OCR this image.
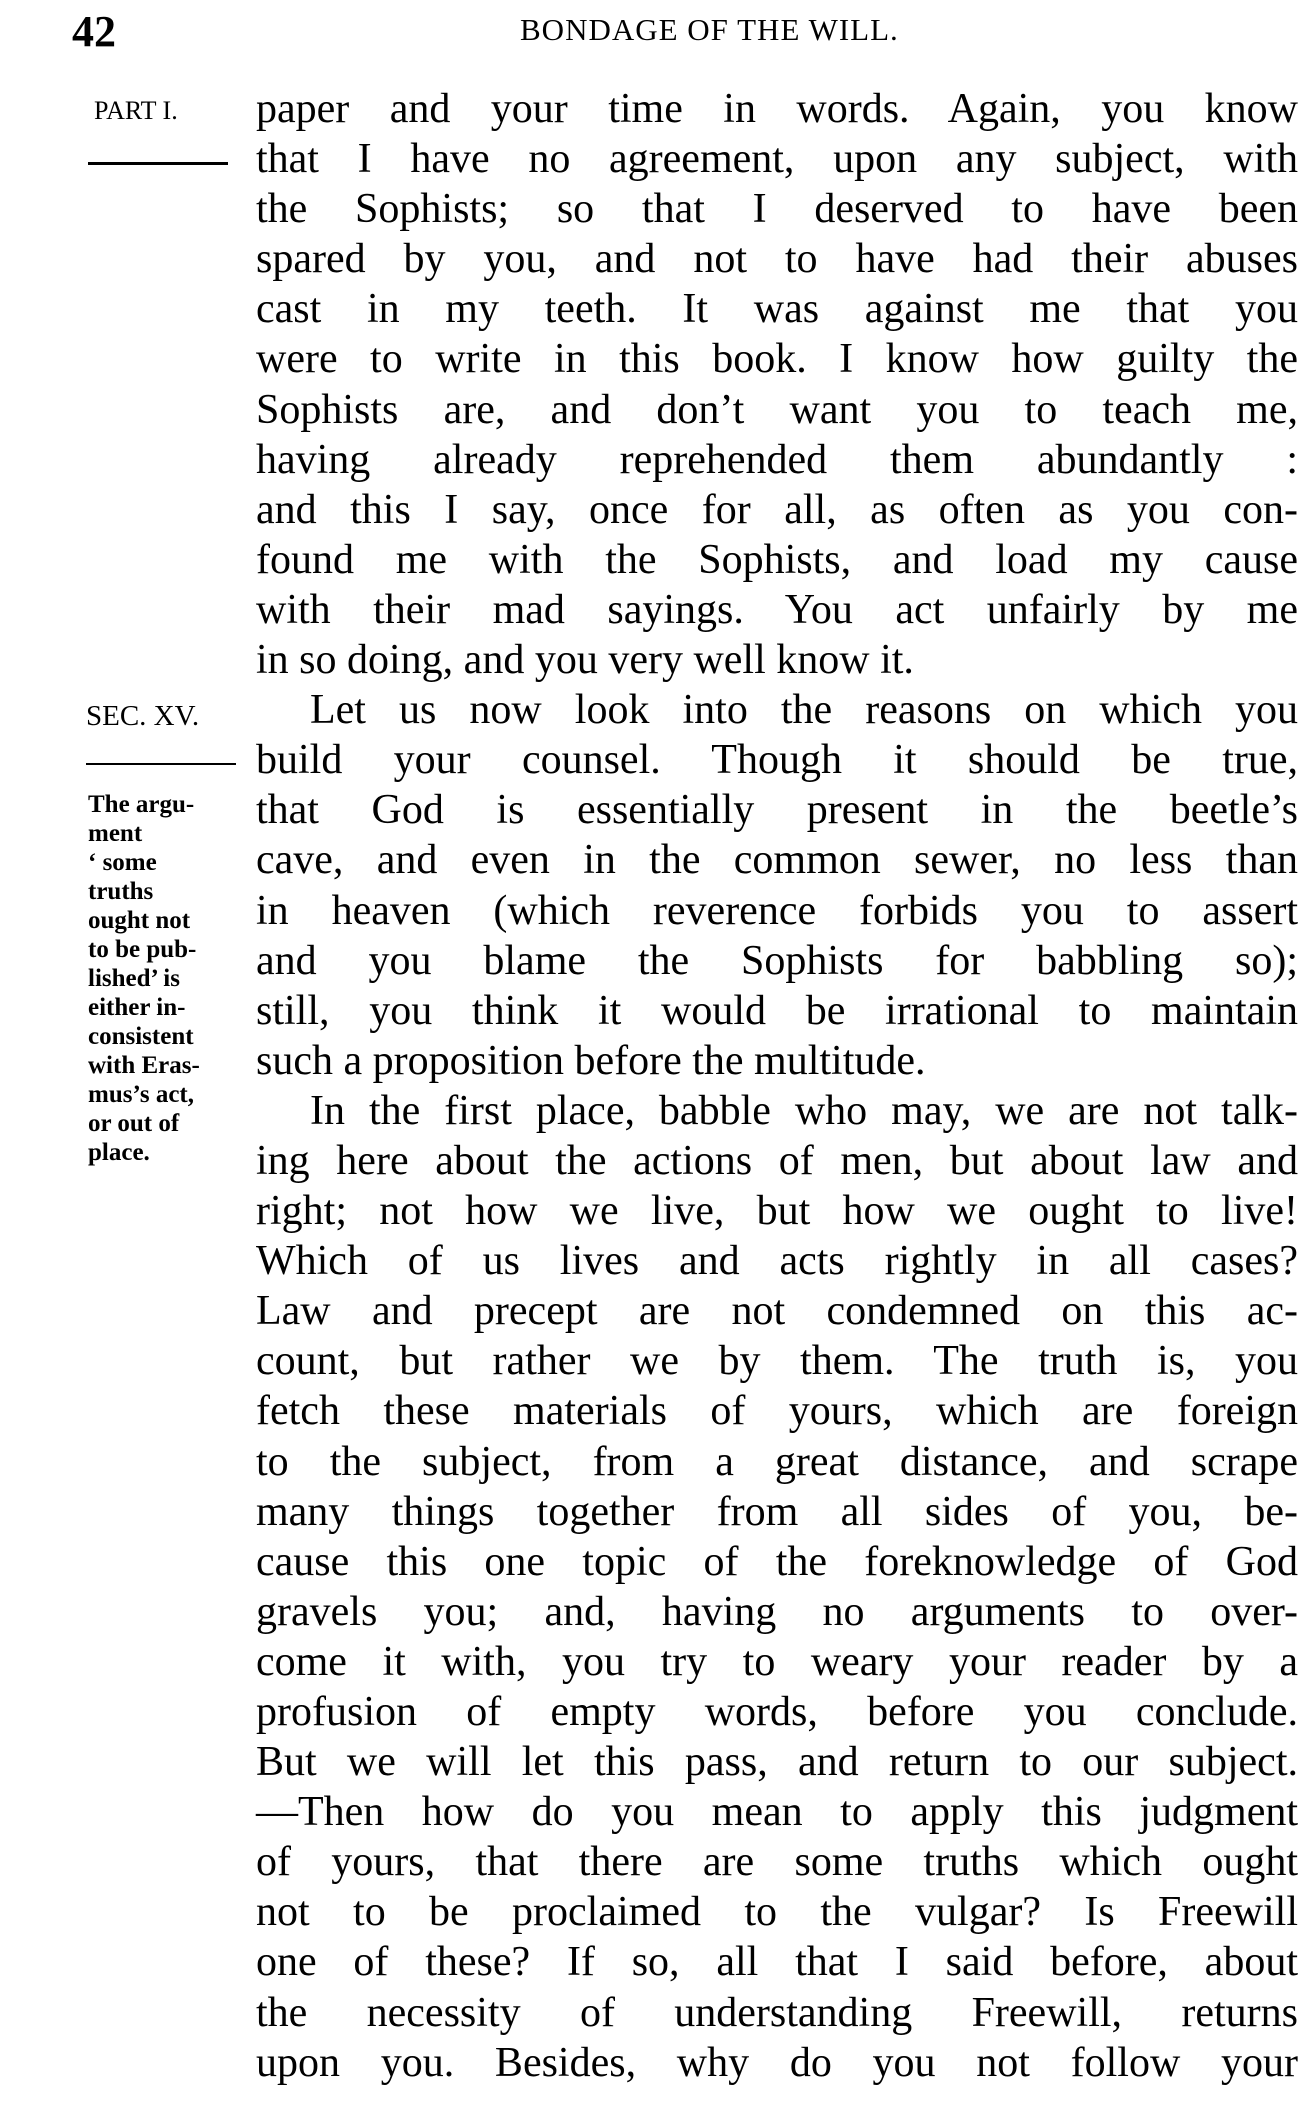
42	BONDAGE OF THE WILL.
PART I.
SEC. XV.
The argu-
ment
‘ some
truths
ought not
to be pub-
lished’ is
either in-
consistent
with Eras-
mus’s act,
or out of
place.
paper and your time in words. Again, you know
that I have no agreement, upon any subject, with
the Sophists; so that I deserved to have been
spared by you, and not to have had their abuses
cast in my teeth. It was against me that you
were to write in this book. I know how guilty the
Sophists are, and don’t want you to teach me,
having already reprehended them abundantly :
and this I say, once for all, as often as you con-
found me with the Sophists, and load my cause
with their mad sayings. You act unfairly by me
in so doing, and you very well know it.
Let us now look into the reasons on which you
build your counsel. Though it should be true,
that God is essentially present in the beetle’s
cave, and even in the common sewer, no less than
in heaven (which reverence forbids you to assert
and you blame the Sophists for babbling so);
still, you think it would be irrational to maintain
such a proposition before the multitude.
In the first place, babble who may, we are not talk-
ing here about the actions of men, but about law and
right; not how we live, but how we ought to live!
Which of us lives and acts rightly in all cases?
Law and precept are not condemned on this ac-
count, but rather we by them. The truth is, you
fetch these materials of yours, which are foreign
to the subject, from a great distance, and scrape
many things together from all sides of you, be-
cause this one topic of the foreknowledge of God
gravels you; and, having no arguments to over-
come it with, you try to weary your reader by a
profusion of empty words, before you conclude.
But we will let this pass, and return to our subject.
—Then how do you mean to apply this judgment
of yours, that there are some truths which ought
not to be proclaimed to the vulgar? Is Freewill
one of these? If so, all that I said before, about
the necessity of understanding Freewill, returns
upon you. Besides, why do you not follow your
